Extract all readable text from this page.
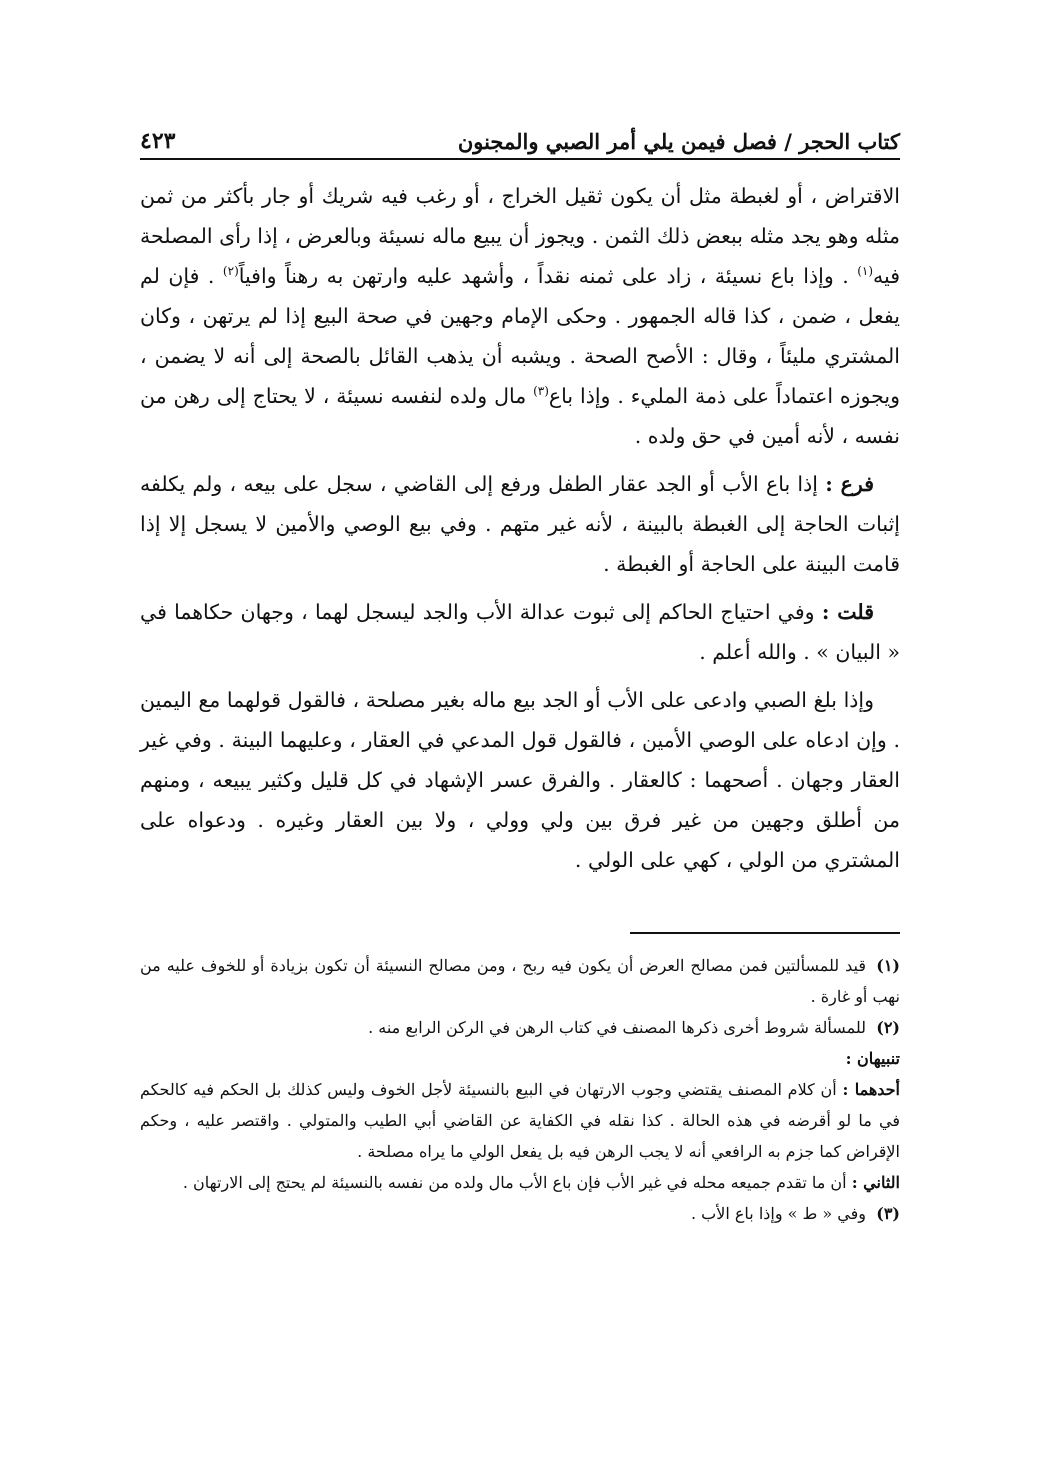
كتاب الحجر / فصل فيمن يلي أمر الصبي والمجنون
٤٢٣

الاقتراض ، أو لغبطة مثل أن يكون ثقيل الخراج ، أو رغب فيه شريك أو جار بأكثر من ثمن مثله وهو يجد مثله ببعض ذلك الثمن . ويجوز أن يبيع ماله نسيئة وبالعرض ، إذا رأى المصلحة فيه$^{(١)}$ . وإذا باع نسيئة ، زاد على ثمنه نقداً ، وأشهد عليه وارتهن به رهناً وافياً$^{(٢)}$ . فإن لم يفعل ، ضمن ، كذا قاله الجمهور . وحكى الإمام وجهين في صحة البيع إذا لم يرتهن ، وكان المشتري مليئاً ، وقال : الأصح الصحة . ويشبه أن يذهب القائل بالصحة إلى أنه لا يضمن ، ويجوزه اعتماداً على ذمة المليء . وإذا باع$^{(٣)}$ مال ولده لنفسه نسيئة ، لا يحتاج إلى رهن من نفسه ، لأنه أمين في حق ولده .

فرع : إذا باع الأب أو الجد عقار الطفل ورفع إلى القاضي ، سجل على بيعه ، ولم يكلفه إثبات الحاجة إلى الغبطة بالبينة ، لأنه غير متهم . وفي بيع الوصي والأمين لا يسجل إلا إذا قامت البينة على الحاجة أو الغبطة .

قلت : وفي احتياج الحاكم إلى ثبوت عدالة الأب والجد ليسجل لهما ، وجهان حكاهما في « البيان » . والله أعلم .

وإذا بلغ الصبي وادعى على الأب أو الجد بيع ماله بغير مصلحة ، فالقول قولهما مع اليمين . وإن ادعاه على الوصي الأمين ، فالقول قول المدعي في العقار ، وعليهما البينة . وفي غير العقار وجهان . أصحهما : كالعقار . والفرق عسر الإشهاد في كل قليل وكثير يبيعه ، ومنهم من أطلق وجهين من غير فرق بين ولي وولي ، ولا بين العقار وغيره . ودعواه على المشتري من الولي ، كهي على الولي .

(١)قيد للمسألتين فمن مصالح العرض أن يكون فيه ربح ، ومن مصالح النسيئة أن تكون بزيادة أو للخوف عليه من نهب أو غارة .

(٢)للمسألة شروط أخرى ذكرها المصنف في كتاب الرهن في الركن الرابع منه .

تنبيهان :

أحدهما : أن كلام المصنف يقتضي وجوب الارتهان في البيع بالنسيئة لأجل الخوف وليس كذلك بل الحكم فيه كالحكم في ما لو أقرضه في هذه الحالة . كذا نقله في الكفاية عن القاضي أبي الطيب والمتولي . واقتصر عليه ، وحكم الإقراض كما جزم به الرافعي أنه لا يجب الرهن فيه بل يفعل الولي ما يراه مصلحة .

الثاني : أن ما تقدم جميعه محله في غير الأب فإن باع الأب مال ولده من نفسه بالنسيئة لم يحتج إلى الارتهان .

(٣)وفي « ط » وإذا باع الأب .
